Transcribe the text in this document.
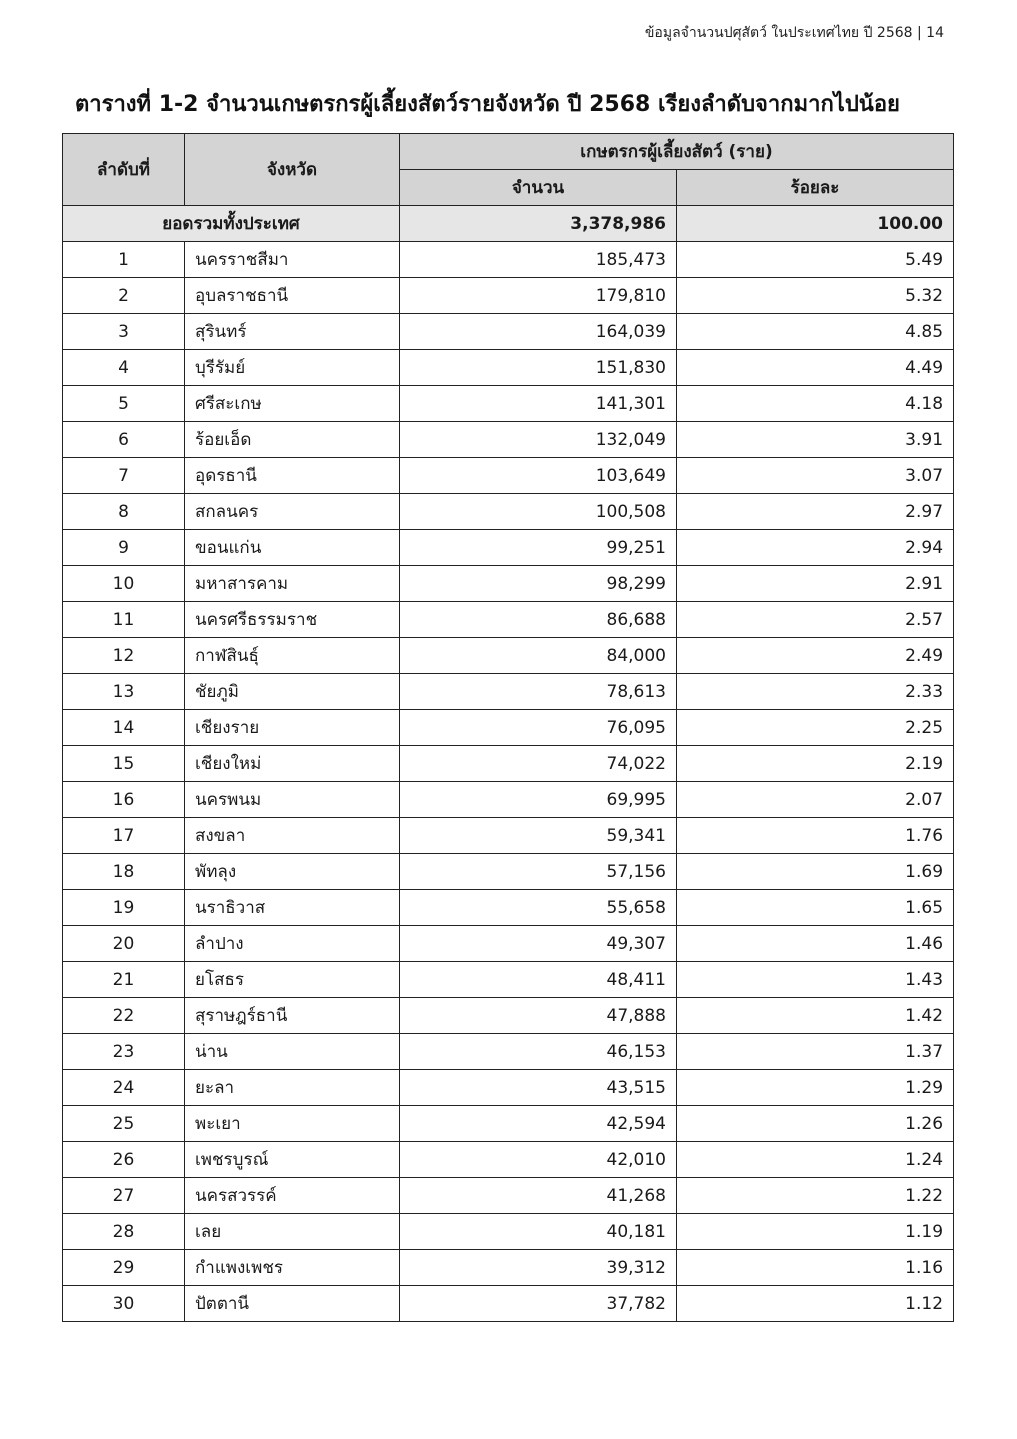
ข้อมูลจำนวนปศุสัตว์ ในประเทศไทย ปี 2568 | 14
ตารางที่ 1-2 จำนวนเกษตรกรผู้เลี้ยงสัตว์รายจังหวัด ปี 2568 เรียงลำดับจากมากไปน้อย
ลำดับที่	จังหวัด	เกษตรกรผู้เลี้ยงสัตว์ (ราย)	
		จำนวน	ร้อยละ
ยอดรวมทั้งประเทศ		3,378,986	100.00
1	นครราชสีมา	185,473	5.49
2	อุบลราชธานี	179,810	5.32
3	สุรินทร์	164,039	4.85
4	บุรีรัมย์	151,830	4.49
5	ศรีสะเกษ	141,301	4.18
6	ร้อยเอ็ด	132,049	3.91
7	อุดรธานี	103,649	3.07
8	สกลนคร	100,508	2.97
9	ขอนแก่น	99,251	2.94
10	มหาสารคาม	98,299	2.91
11	นครศรีธรรมราช	86,688	2.57
12	กาฬสินธุ์	84,000	2.49
13	ชัยภูมิ	78,613	2.33
14	เชียงราย	76,095	2.25
15	เชียงใหม่	74,022	2.19
16	นครพนม	69,995	2.07
17	สงขลา	59,341	1.76
18	พัทลุง	57,156	1.69
19	นราธิวาส	55,658	1.65
20	ลำปาง	49,307	1.46
21	ยโสธร	48,411	1.43
22	สุราษฎร์ธานี	47,888	1.42
23	น่าน	46,153	1.37
24	ยะลา	43,515	1.29
25	พะเยา	42,594	1.26
26	เพชรบูรณ์	42,010	1.24
27	นครสวรรค์	41,268	1.22
28	เลย	40,181	1.19
29	กำแพงเพชร	39,312	1.16
30	ปัตตานี	37,782	1.12
